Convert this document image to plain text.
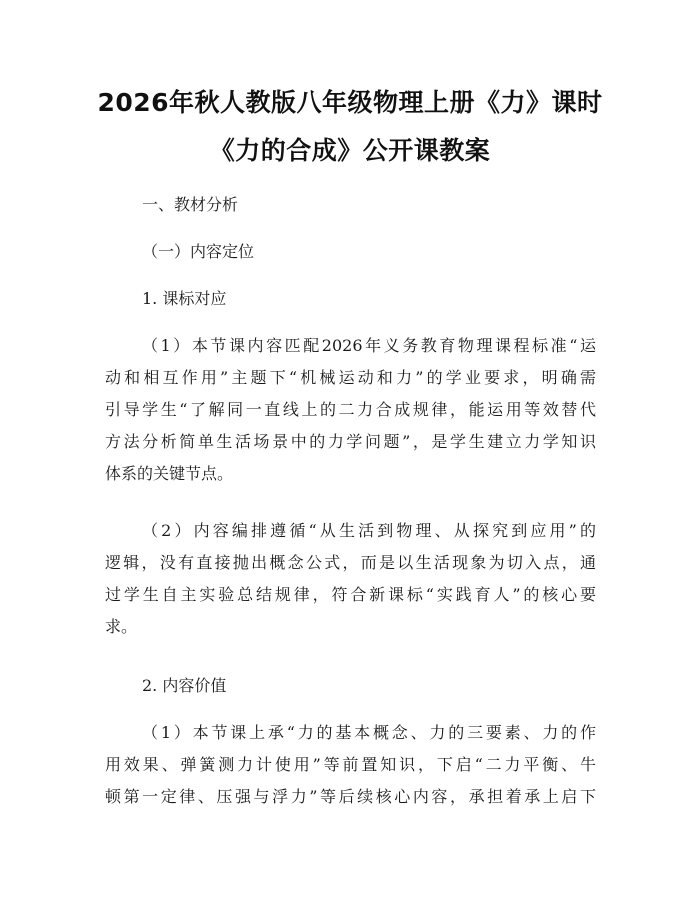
2026年秋人教版八年级物理上册《力》课时
《力的合成》公开课教案
一、教材分析
（一）内容定位
1. 课标对应
（1）本节课内容匹配2026年义务教育物理课程标准“运
动和相互作用”主题下“机械运动和力”的学业要求，明确需
引导学生“了解同一直线上的二力合成规律，能运用等效替代
方法分析简单生活场景中的力学问题”，是学生建立力学知识
体系的关键节点。
（2）内容编排遵循“从生活到物理、从探究到应用”的
逻辑，没有直接抛出概念公式，而是以生活现象为切入点，通
过学生自主实验总结规律，符合新课标“实践育人”的核心要
求。
2. 内容价值
（1）本节课上承“力的基本概念、力的三要素、力的作
用效果、弹簧测力计使用”等前置知识，下启“二力平衡、牛
顿第一定律、压强与浮力”等后续核心内容，承担着承上启下
